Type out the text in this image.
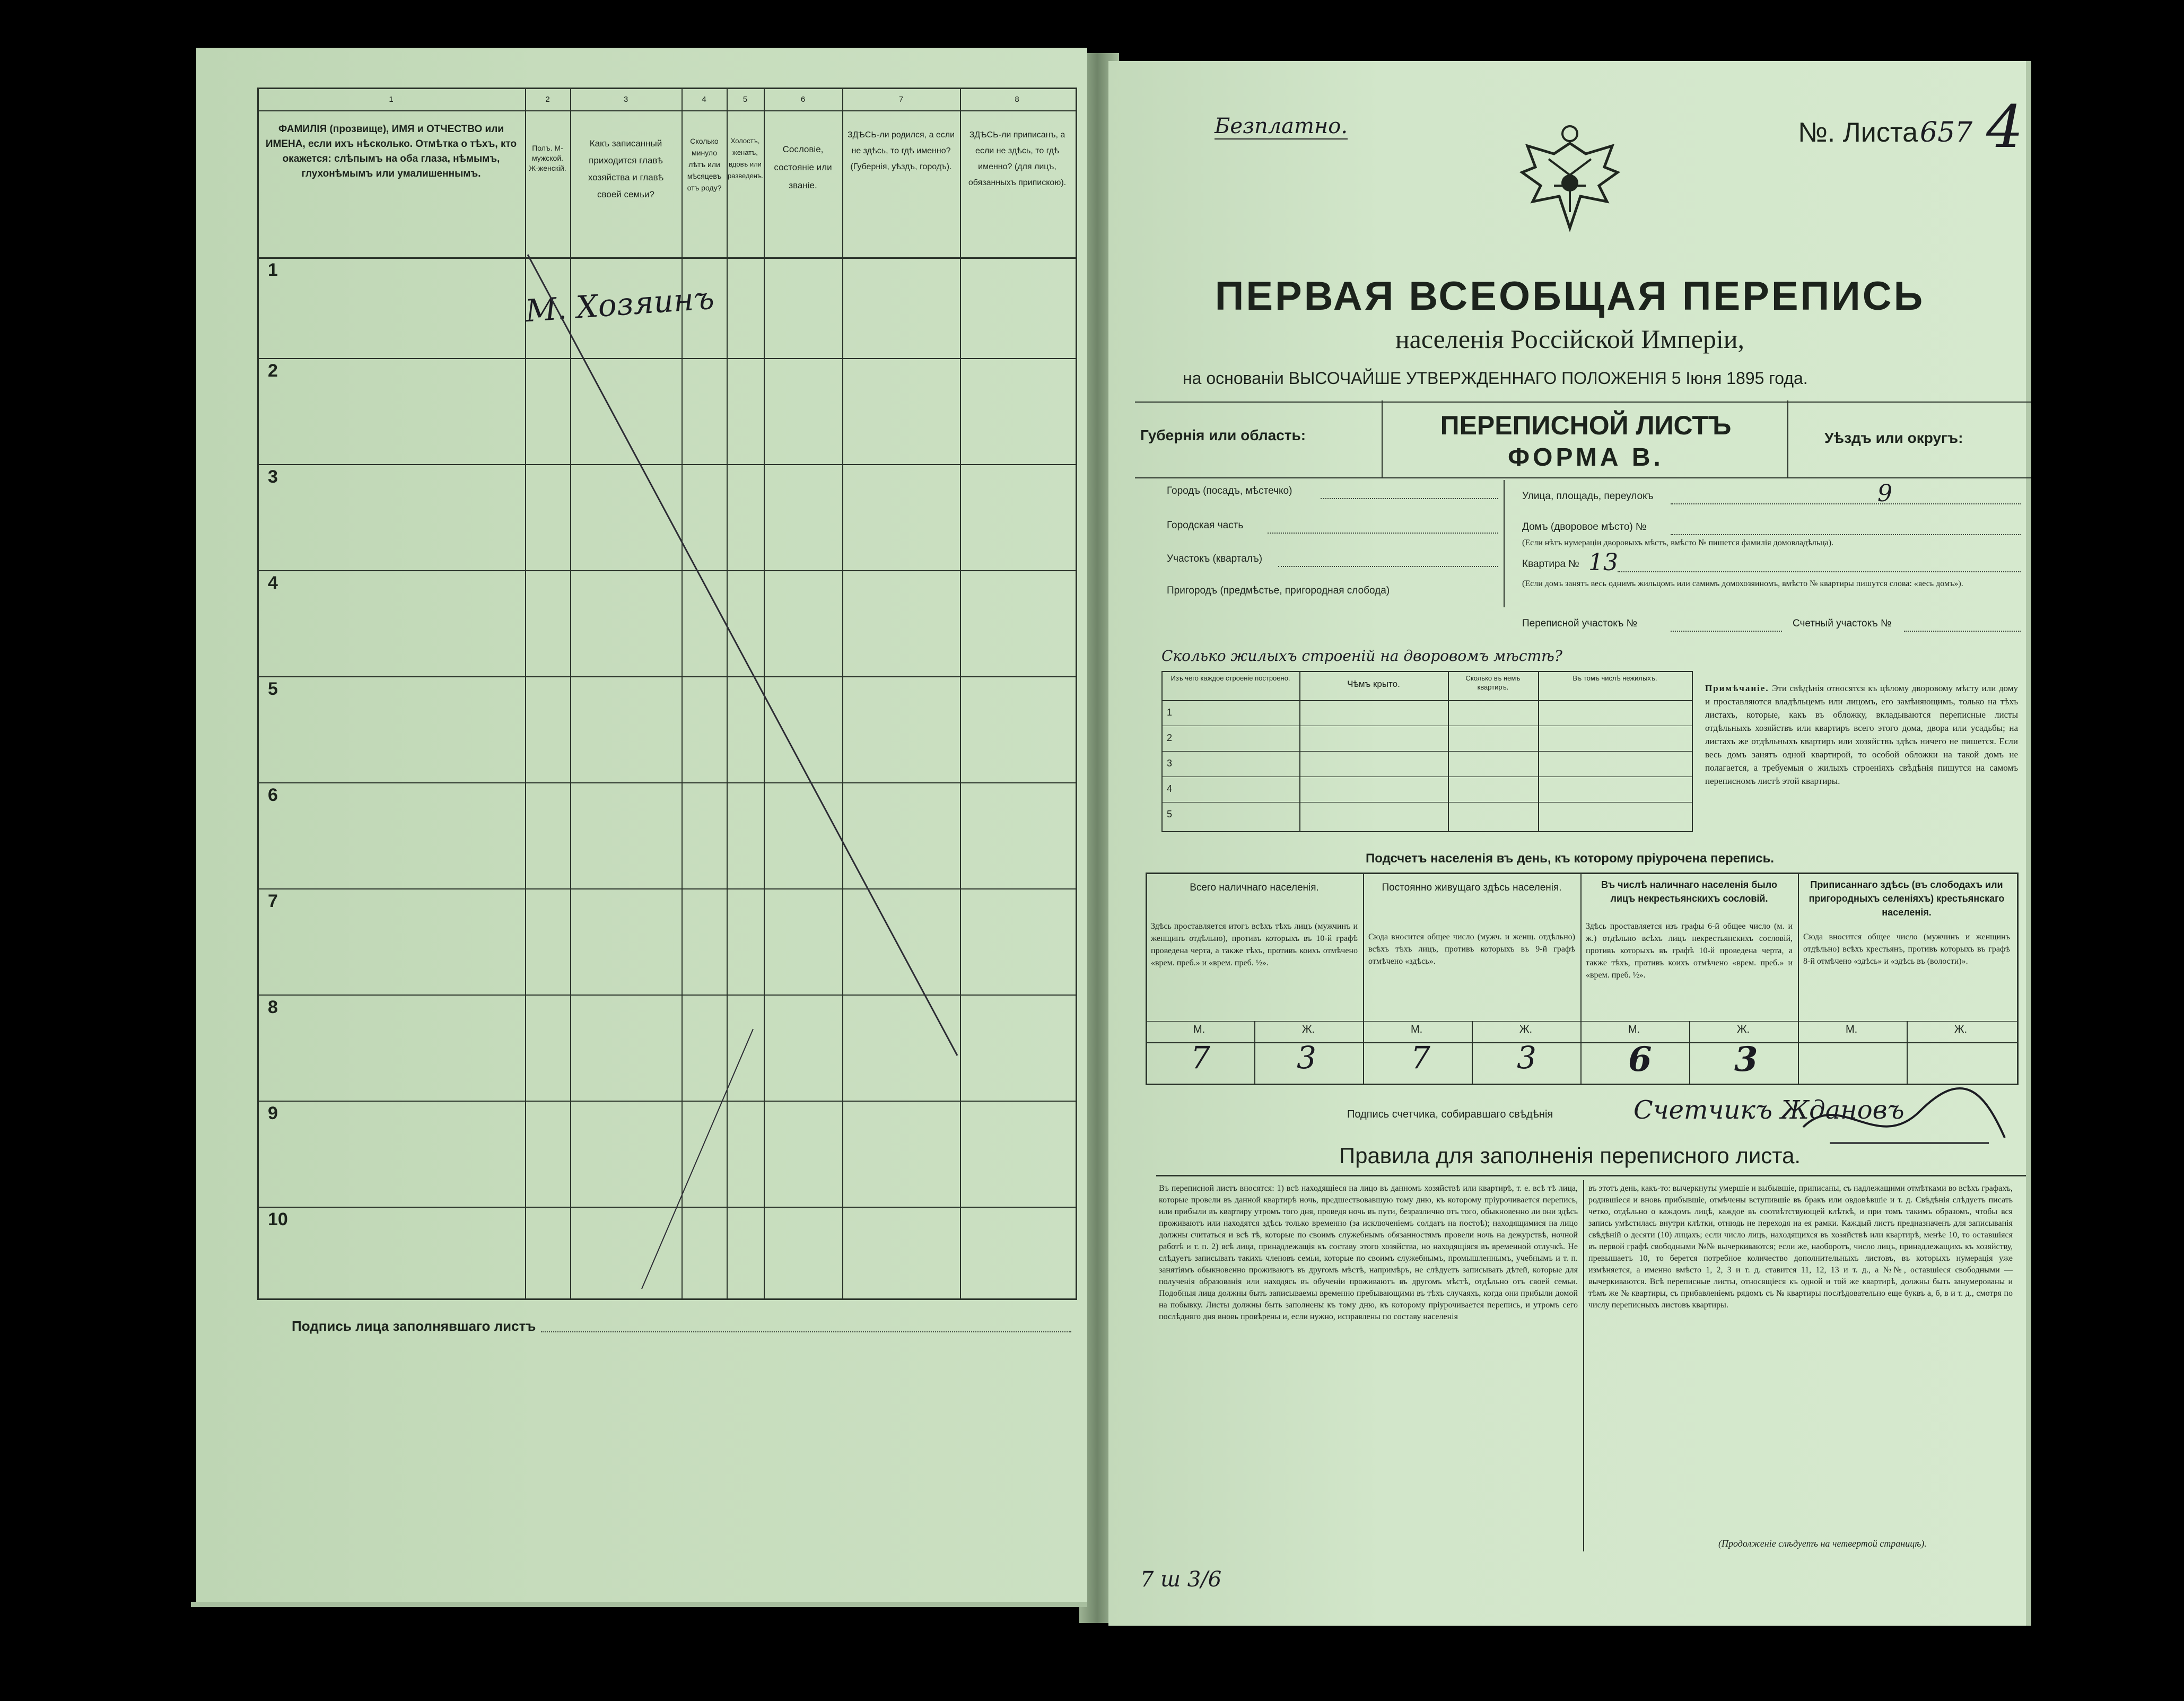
1	2	3	4	5	6	7	8
ФАМИЛІЯ (прозвище), ИМЯ и ОТЧЕСТВО или ИМЕНА, если ихъ нѣсколько. Отмѣтка о тѣхъ, кто окажется: слѣпымъ на оба глаза, нѣмымъ, глухонѣмымъ или умалишеннымъ.
Полъ. М-мужской. Ж-женскій.
Какъ записанный приходится главѣ хозяйства и главѣ своей семьи?
Сколько минуло лѣтъ или мѣсяцевъ отъ роду?
Холостъ, женатъ, вдовъ или разведенъ.
Сословіе, состояніе или званіе.
ЗДѢСЬ-ли родился, а если не здѣсь, то гдѣ именно? (Губернія, уѣздъ, городъ).
ЗДѢСЬ-ли приписанъ, а если не здѣсь, то гдѣ именно? (для лицъ, обязанныхъ припискою).
1
2
3
4
5
6
7
8
9
10
М. Хозяинъ
Подпись лица заполнявшаго листъ
Безплатно.	№. Листа 657 4
ПЕРВАЯ ВСЕОБЩАЯ ПЕРЕПИСЬ
населенія Россійской Имперіи,
на основаніи ВЫСОЧАЙШЕ УТВЕРЖДЕННАГО ПОЛОЖЕНІЯ 5 Іюня 1895 года.
Губернія или область:	ПЕРЕПИСНОЙ ЛИСТЪ
ФОРМА В.
Уѣздъ или округъ:
Городъ (посадъ, мѣстечко)
Городская часть
Участокъ (кварталъ)
Пригородъ (предмѣстье, пригородная слобода)
Улица, площадь, переулокъ	9
Домъ (дворовое мѣсто) №
(Если нѣтъ нумераціи дворовыхъ мѣстъ, вмѣсто № пишется фамилія домовладѣльца).
Квартира № 13
(Если домъ занятъ весь однимъ жильцомъ или самимъ домохозяиномъ, вмѣсто № квартиры пишутся слова: «весь домъ»).
Переписной участокъ №	Счетный участокъ №
Сколько жилыхъ строеній на дворовомъ мѣстѣ?
Изъ чего каждое строеніе построено.
Чѣмъ крыто.
Сколько въ немъ квартиръ.
Въ томъ числѣ нежилыхъ.
1
2
3
4
5
Примѣчаніе. Эти свѣдѣнія относятся къ цѣлому дворовому мѣсту или дому и проставляются владѣльцемъ или лицомъ, его замѣняющимъ, только на тѣхъ листахъ, которые, какъ въ обложку, вкладываются переписные листы отдѣльныхъ хозяйствъ или квартиръ всего этого дома, двора или усадьбы; на листахъ же отдѣльныхъ квартиръ или хозяйствъ здѣсь ничего не пишется. Если весь домъ занятъ одной квартирой, то особой обложки на такой домъ не полагается, а требуемыя о жилыхъ строеніяхъ свѣдѣнія пишутся на самомъ переписномъ листѣ этой квартиры.
Подсчетъ населенія въ день, къ которому пріурочена перепись.
Всего наличнаго населенія.
Здѣсь проставляется итогъ всѣхъ тѣхъ лицъ (мужчинъ и женщинъ отдѣльно), противъ которыхъ въ 10-й графѣ проведена черта, а также тѣхъ, противъ коихъ отмѣчено «врем. преб.» и «врем. преб. ½».
Постоянно живущаго здѣсь населенія.
Сюда вносится общее число (мужч. и женщ. отдѣльно) всѣхъ тѣхъ лицъ, противъ которыхъ въ 9-й графѣ отмѣчено «здѣсь».
Въ числѣ наличнаго населенія было лицъ некрестьянскихъ сословій.
Здѣсь проставляется изъ графы 6-й общее число (м. и ж.) отдѣльно всѣхъ лицъ некрестьянскихъ сословій, противъ которыхъ въ графѣ 10-й проведена черта, а также тѣхъ, противъ коихъ отмѣчено «врем. преб.» и «врем. преб. ½».
Приписаннаго здѣсь (въ слободахъ или пригородныхъ селеніяхъ) крестьянскаго населенія.
Сюда вносится общее число (мужчинъ и женщинъ отдѣльно) всѣхъ крестьянъ, противъ которыхъ въ графѣ 8-й отмѣчено «здѣсь» и «здѣсь въ (волости)».
М.	Ж.	М.	Ж.	М.	Ж.	М.	Ж.
7	3	7	3	6 3
Подпись счетчика, собиравшаго свѣдѣнія	Счетчикъ Ждановъ
Правила для заполненія переписного листа.
Въ переписной листъ вносятся: 1) всѣ находящіеся на лицо въ данномъ хозяйствѣ или квартирѣ, т. е. всѣ тѣ лица, которые провели въ данной квартирѣ ночь, предшествовавшую тому дню, къ которому пріурочивается перепись, или прибыли въ квартиру утромъ того дня, проведя ночь въ пути, безразлично отъ того, обыкновенно ли они здѣсь проживаютъ или находятся здѣсь только временно (за исключеніемъ солдатъ на постоѣ); находящимися на лицо должны считаться и всѣ тѣ, которые по своимъ служебнымъ обязанностямъ провели ночь на дежурствѣ, ночной работѣ и т. п. 2) всѣ лица, принадлежащія къ составу этого хозяйства, но находящіяся въ временной отлучкѣ. Не слѣдуетъ записывать такихъ членовъ семьи, которые по своимъ служебнымъ, промышленнымъ, учебнымъ и т. п. занятіямъ обыкновенно проживаютъ въ другомъ мѣстѣ, напримѣръ, не слѣдуетъ записывать дѣтей, которые для полученія образованія или находясь въ обученіи проживаютъ въ другомъ мѣстѣ, отдѣльно отъ своей семьи. Подобныя лица должны быть записываемы временно пребывающими въ тѣхъ случаяхъ, когда они прибыли домой на побывку. Листы должны быть заполнены къ тому дню, къ которому пріурочивается перепись, и утромъ сего послѣдняго дня вновь провѣрены и, если нужно, исправлены по составу населенія
въ этотъ день, какъ-то: вычеркнуты умершіе и выбывшіе, приписаны, съ надлежащими отмѣтками во всѣхъ графахъ, родившіеся и вновь прибывшіе, отмѣчены вступившіе въ бракъ или овдовѣвшіе и т. д. Свѣдѣнія слѣдуетъ писать четко, отдѣльно о каждомъ лицѣ, каждое въ соотвѣтствующей клѣткѣ, и при томъ такимъ образомъ, чтобы вся запись умѣстилась внутри клѣтки, отнюдь не переходя на ея рамки. Каждый листъ предназначенъ для записыванія свѣдѣній о десяти (10) лицахъ; если число лицъ, находящихся въ хозяйствѣ или квартирѣ, менѣе 10, то оставшіяся въ первой графѣ свободными №№ вычеркиваются; если же, наоборотъ, число лицъ, принадлежащихъ къ хозяйству, превышаетъ 10, то берется потребное количество дополнительныхъ листовъ, въ которыхъ нумерація уже измѣняется, а именно вмѣсто 1, 2, 3 и т. д. ставится 11, 12, 13 и т. д., а №№, оставшіеся свободными — вычеркиваются. Всѣ переписные листы, относящіеся къ одной и той же квартирѣ, должны быть занумерованы и тѣмъ же № квартиры, съ прибавленіемъ рядомъ съ № квартиры послѣдовательно еще буквъ а, б, в и т. д., смотря по числу переписныхъ листовъ квартиры.
(Продолженіе слѣдуетъ на четвертой страницѣ).
7 ш 3/6
